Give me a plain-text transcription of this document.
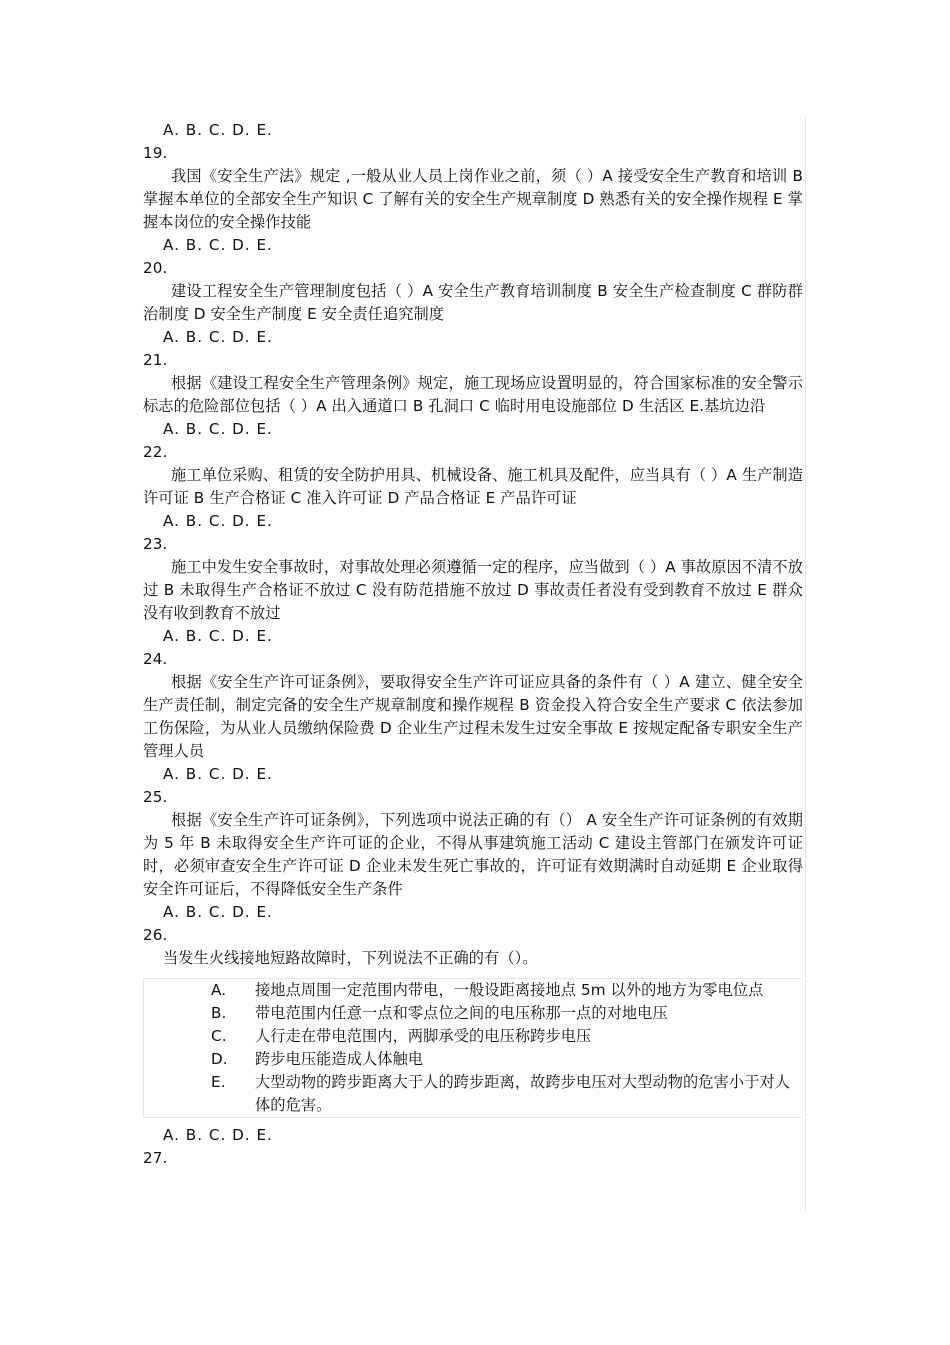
A. B. C. D. E.
19.
我国《安全生产法》规定 ,一般从业人员上岗作业之前，须（ ）A 接受安全生产教育和培训 B 掌握本单位的全部安全生产知识 C 了解有关的安全生产规章制度 D 熟悉有关的安全操作规程 E 掌握本岗位的安全操作技能
A. B. C. D. E.
20.
建设工程安全生产管理制度包括（ ）A 安全生产教育培训制度 B 安全生产检查制度 C 群防群治制度 D 安全生产制度 E 安全责任追究制度
A. B. C. D. E.
21.
根据《建设工程安全生产管理条例》规定，施工现场应设置明显的，符合国家标准的安全警示标志的危险部位包括（ ）A 出入通道口 B 孔洞口 C 临时用电设施部位 D 生活区 E.基坑边沿
A. B. C. D. E.
22.
施工单位采购、租赁的安全防护用具、机械设备、施工机具及配件，应当具有（ ）A 生产制造许可证 B 生产合格证 C 准入许可证 D 产品合格证 E 产品许可证
A. B. C. D. E.
23.
施工中发生安全事故时，对事故处理必须遵循一定的程序，应当做到（ ）A 事故原因不清不放过 B 未取得生产合格证不放过 C 没有防范措施不放过 D 事故责任者没有受到教育不放过 E 群众没有收到教育不放过
A. B. C. D. E.
24.
根据《安全生产许可证条例》，要取得安全生产许可证应具备的条件有（ ）A 建立、健全安全生产责任制，制定完备的安全生产规章制度和操作规程 B 资金投入符合安全生产要求 C 依法参加工伤保险，为从业人员缴纳保险费 D 企业生产过程未发生过安全事故 E 按规定配备专职安全生产管理人员
A. B. C. D. E.
25.
根据《安全生产许可证条例》，下列选项中说法正确的有（） A 安全生产许可证条例的有效期为 5 年 B 未取得安全生产许可证的企业，不得从事建筑施工活动 C 建设主管部门在颁发许可证时，必须审查安全生产许可证 D 企业未发生死亡事故的，许可证有效期满时自动延期 E 企业取得安全许可证后，不得降低安全生产条件
A. B. C. D. E.
26.
当发生火线接地短路故障时，下列说法不正确的有（）。
A.	接地点周围一定范围内带电，一般设距离接地点 5m 以外的地方为零电位点
B.	带电范围内任意一点和零点位之间的电压称那一点的对地电压
C.	人行走在带电范围内，两脚承受的电压称跨步电压
D.	跨步电压能造成人体触电
E.	大型动物的跨步距离大于人的跨步距离，故跨步电压对大型动物的危害小于对人体的危害。
A. B. C. D. E.
27.
